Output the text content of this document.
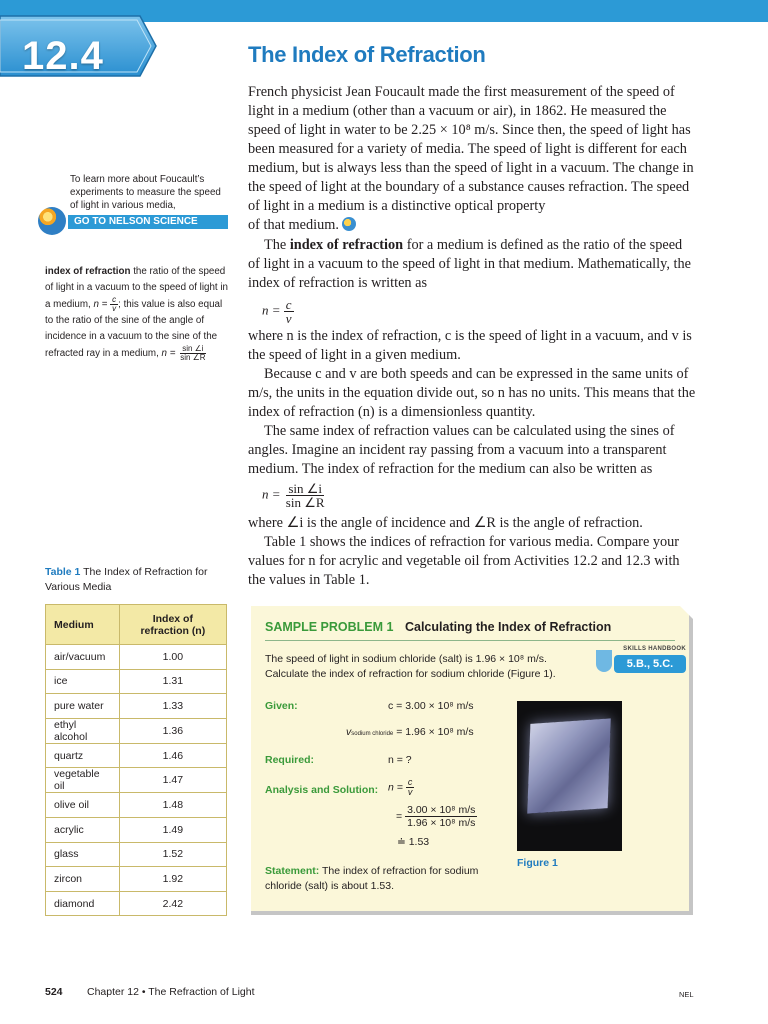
12.4	The Index of Refraction
French physicist Jean Foucault made the first measurement of the speed of light in a medium (other than a vacuum or air), in 1862. He measured the speed of light in water to be 2.25 × 10⁸ m/s. Since then, the speed of light has been measured for a variety of media. The speed of light is different for each medium, but is always less than the speed of light in a vacuum. The change in the speed of light at the boundary of a substance causes refraction. The speed of light in a medium is a distinctive optical property
of that medium.
The index of refraction for a medium is defined as the ratio of the speed of light in a vacuum to the speed of light in that medium. Mathematically, the index of refraction is written as
$n = \frac{c}{v}$
where n is the index of refraction, c is the speed of light in a vacuum, and v is the speed of light in a given medium.
Because c and v are both speeds and can be expressed in the same units of m/s, the units in the equation divide out, so n has no units. This means that the index of refraction (n) is a dimensionless quantity.
The same index of refraction values can be calculated using the sines of angles. Imagine an incident ray passing from a vacuum into a transparent medium. The index of refraction for the medium can also be written as
$n = \frac{\sin \angle i}{\sin \angle R}$
where ∠i is the angle of incidence and ∠R is the angle of refraction.
Table 1 shows the indices of refraction for various media. Compare your values for n for acrylic and vegetable oil from Activities 12.2 and 12.3 with the values in Table 1.
To learn more about Foucault’s experiments to measure the speed of light in various media,
GO TO NELSON SCIENCE
index of refraction the ratio of the speed of light in a vacuum to the speed of light in a medium, $n = \frac{c}{v}$ ; this value is also equal to the ratio of the sine of the angle of incidence in a vacuum to the sine of the refracted ray in a medium, $n = \frac{\sin \angle i}{\sin \angle R}$
Table 1 The Index of Refraction for Various Media
Medium	Index of refraction (n)
air/vacuum	1.00
ice	1.31
pure water	1.33
ethyl alcohol	1.36
quartz	1.46
vegetable oil	1.47
olive oil	1.48
acrylic	1.49
glass	1.52
zircon	1.92
diamond	2.42
SAMPLE PROBLEM 1 Calculating the Index of Refraction
SKILLS HANDBOOK
5.B., 5.C.
The speed of light in sodium chloride (salt) is 1.96 × 10⁸ m/s. Calculate the index of refraction for sodium chloride (Figure 1).
Given:	c = 3.00 × 10⁸ m/s
vsodium chloride = 1.96 × 10⁸ m/s
Required:	n = ?
Analysis and Solution: $n = \frac{c}{v}$
= $\frac{\text{3.00 × 10⁸ m/s}}{\text{1.96 × 10⁸ m/s}}$
≐ 1.53
Statement: The index of refraction for sodium chloride (salt) is about 1.53.
Figure 1
524 Chapter 12 • The Refraction of Light	NEL
